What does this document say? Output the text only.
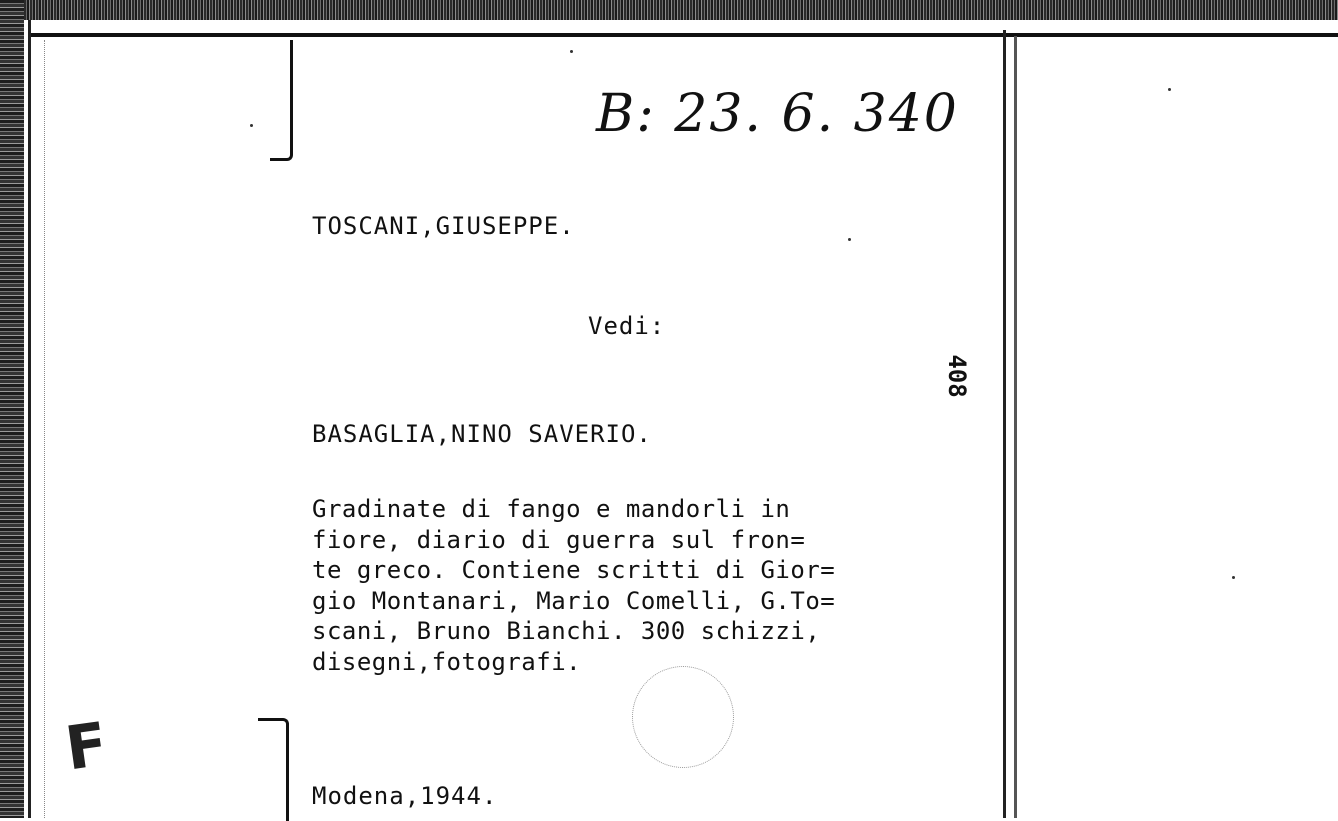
B: 23. 6. 340
TOSCANI,GIUSEPPE.
Vedi:
BASAGLIA,NINO SAVERIO.
Gradinate di fango e mandorli in
fiore, diario di guerra sul fron=
te greco. Contiene scritti di Gior=
gio Montanari, Mario Comelli, G.To=
scani, Bruno Bianchi. 300 schizzi,
disegni,fotografi.
Modena,1944.
408
F
